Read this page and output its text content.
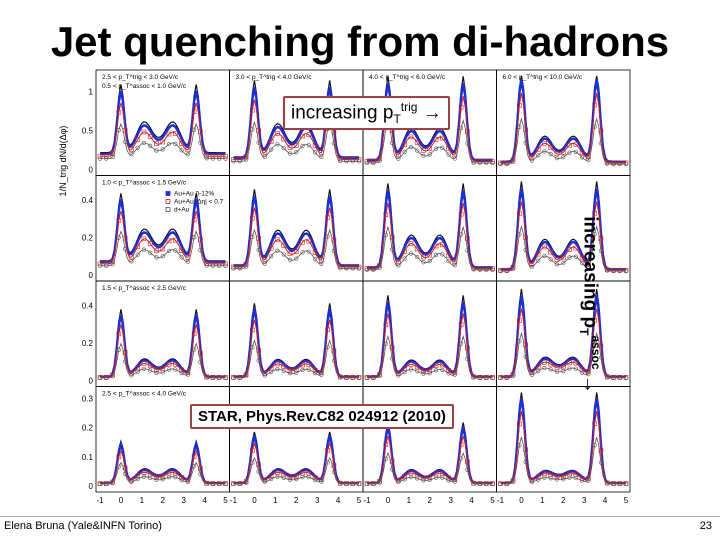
Jet quenching from di-hadrons
1/N_trig dN/d(Δφ)	0
0.5
1
2.5 < p_T^trig < 3.0 GeV/c
0.5 < p_T^assoc < 1.0 GeV/c
3.0 < p_T^trig < 4.0 GeV/c	4.0 < p_T^trig < 6.0 GeV/c	6.0 < p_T^trig < 10.0 GeV/c
0
0.2
0.4
1.0 < p_T^assoc < 1.5 GeV/c
Au+Au 0-12%
Au+Au |Δη| < 0.7
d+Au
0
0.2
0.4
1.5 < p_T^assoc < 2.5 GeV/c
0
0.1
0.2
0.3
2.5 < p_T^assoc < 4.0 GeV/c
-1 0 1 2 3 4 5 -1 0 1 2 3 4 5 -1 0 1 2 3 4 5 -1 0 1 2 3 4 5
increasing $p_T^{trig}$ →
increasing $p_T^{assoc}$ →
STAR, Phys.Rev.C82 024912 (2010)
Elena Bruna (Yale&INFN Torino)	23
